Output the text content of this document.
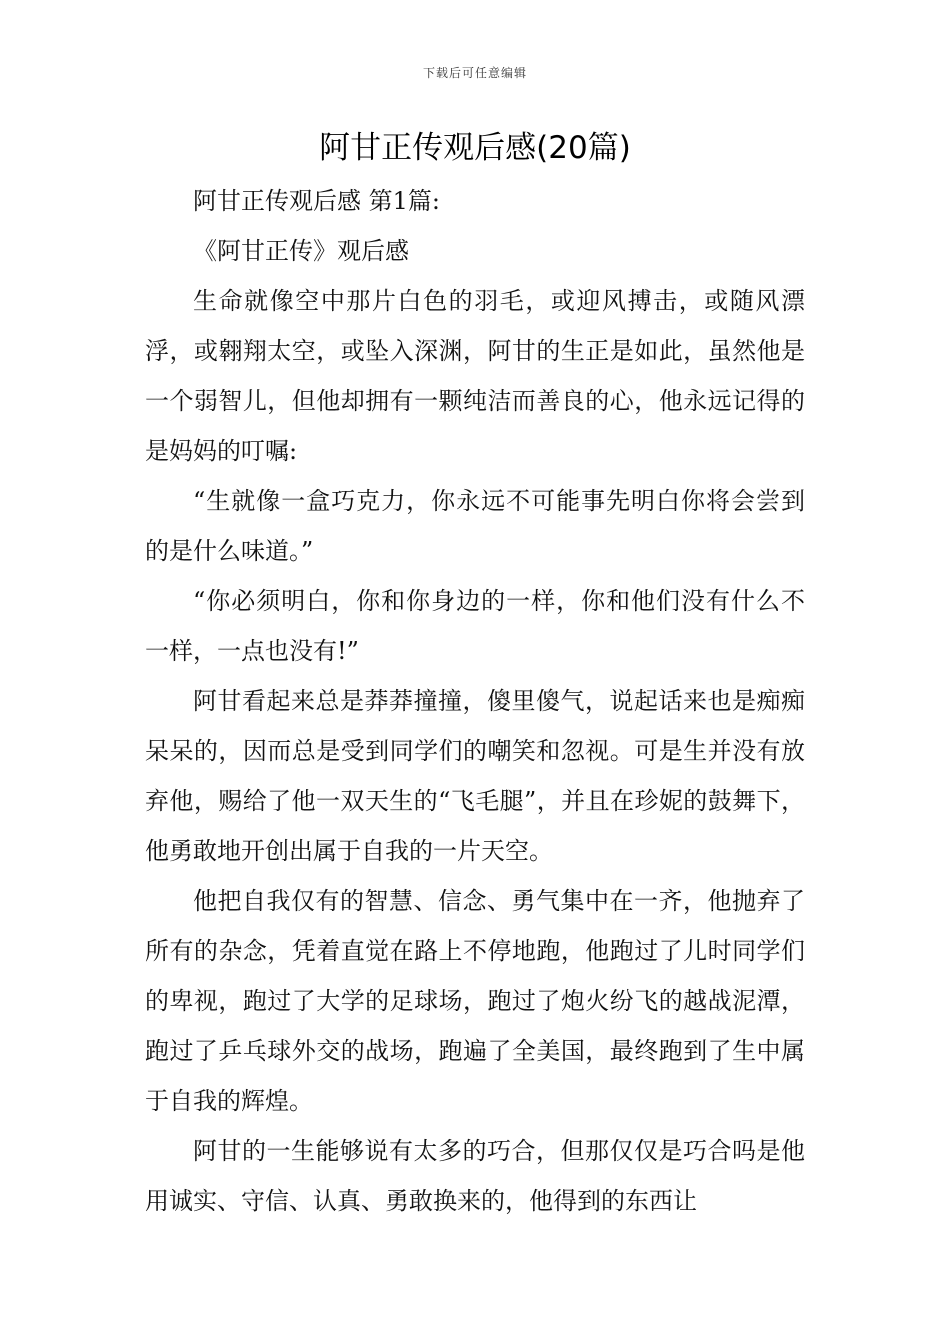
下载后可任意编辑
阿甘正传观后感(20篇)

阿甘正传观后感 第1篇:

《阿甘正传》观后感

生命就像空中那片白色的羽毛，或迎风搏击，或随风漂浮，或翱翔太空，或坠入深渊，阿甘的生正是如此，虽然他是一个弱智儿，但他却拥有一颗纯洁而善良的心，他永远记得的是妈妈的叮嘱:

“生就像一盒巧克力，你永远不可能事先明白你将会尝到的是什么味道。”

“你必须明白，你和你身边的一样，你和他们没有什么不一样，一点也没有!”

阿甘看起来总是莽莽撞撞，傻里傻气，说起话来也是痴痴呆呆的，因而总是受到同学们的嘲笑和忽视。可是生并没有放弃他，赐给了他一双天生的“飞毛腿”，并且在珍妮的鼓舞下，他勇敢地开创出属于自我的一片天空。

他把自我仅有的智慧、信念、勇气集中在一齐，他抛弃了所有的杂念，凭着直觉在路上不停地跑，他跑过了儿时同学们的卑视，跑过了大学的足球场，跑过了炮火纷飞的越战泥潭，跑过了乒乓球外交的战场，跑遍了全美国，最终跑到了生中属于自我的辉煌。

阿甘的一生能够说有太多的巧合，但那仅仅是巧合吗是他用诚实、守信、认真、勇敢换来的，他得到的东西让
